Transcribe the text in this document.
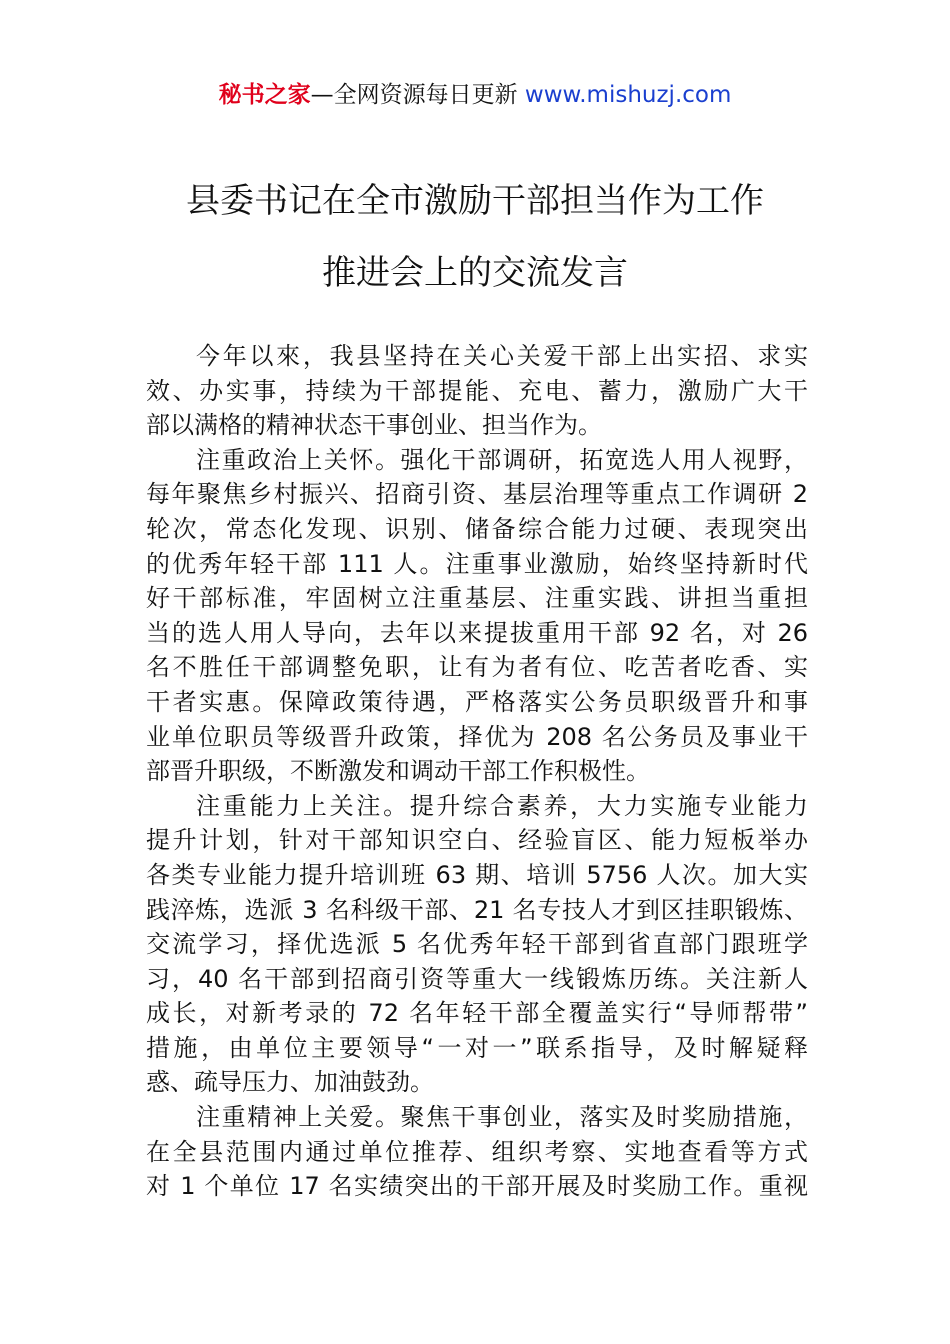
秘书之家—全网资源每日更新 www.mishuzj.com
县委书记在全市激励干部担当作为工作
推进会上的交流发言
今年以來，我县坚持在关心关爱干部上出实招、求实
效、办实事，持续为干部提能、充电、蓄力，激励广大干
部以满格的精神状态干事创业、担当作为。
注重政治上关怀。强化干部调研，拓宽选人用人视野，
每年聚焦乡村振兴、招商引资、基层治理等重点工作调研 2
轮次，常态化发现、识别、储备综合能力过硬、表现突出
的优秀年轻干部 111 人。注重事业激励，始终坚持新时代
好干部标准，牢固树立注重基层、注重实践、讲担当重担
当的选人用人导向，去年以来提拔重用干部 92 名，对 26
名不胜任干部调整免职，让有为者有位、吃苦者吃香、实
干者实惠。保障政策待遇，严格落实公务员职级晋升和事
业单位职员等级晋升政策，择优为 208 名公务员及事业干
部晋升职级，不断激发和调动干部工作积极性。
注重能力上关注。提升综合素养，大力实施专业能力
提升计划，针对干部知识空白、经验盲区、能力短板举办
各类专业能力提升培训班 63 期、培训 5756 人次。加大实
践淬炼，选派 3 名科级干部、21 名专技人才到区挂职锻炼、
交流学习，择优选派 5 名优秀年轻干部到省直部门跟班学
习，40 名干部到招商引资等重大一线锻炼历练。关注新人
成长，对新考录的 72 名年轻干部全覆盖实行“导师帮带”
措施，由单位主要领导“一对一”联系指导，及时解疑释
惑、疏导压力、加油鼓劲。
注重精神上关爱。聚焦干事创业，落实及时奖励措施，
在全县范围内通过单位推荐、组织考察、实地查看等方式
对 1 个单位 17 名实绩突出的干部开展及时奖励工作。重视
